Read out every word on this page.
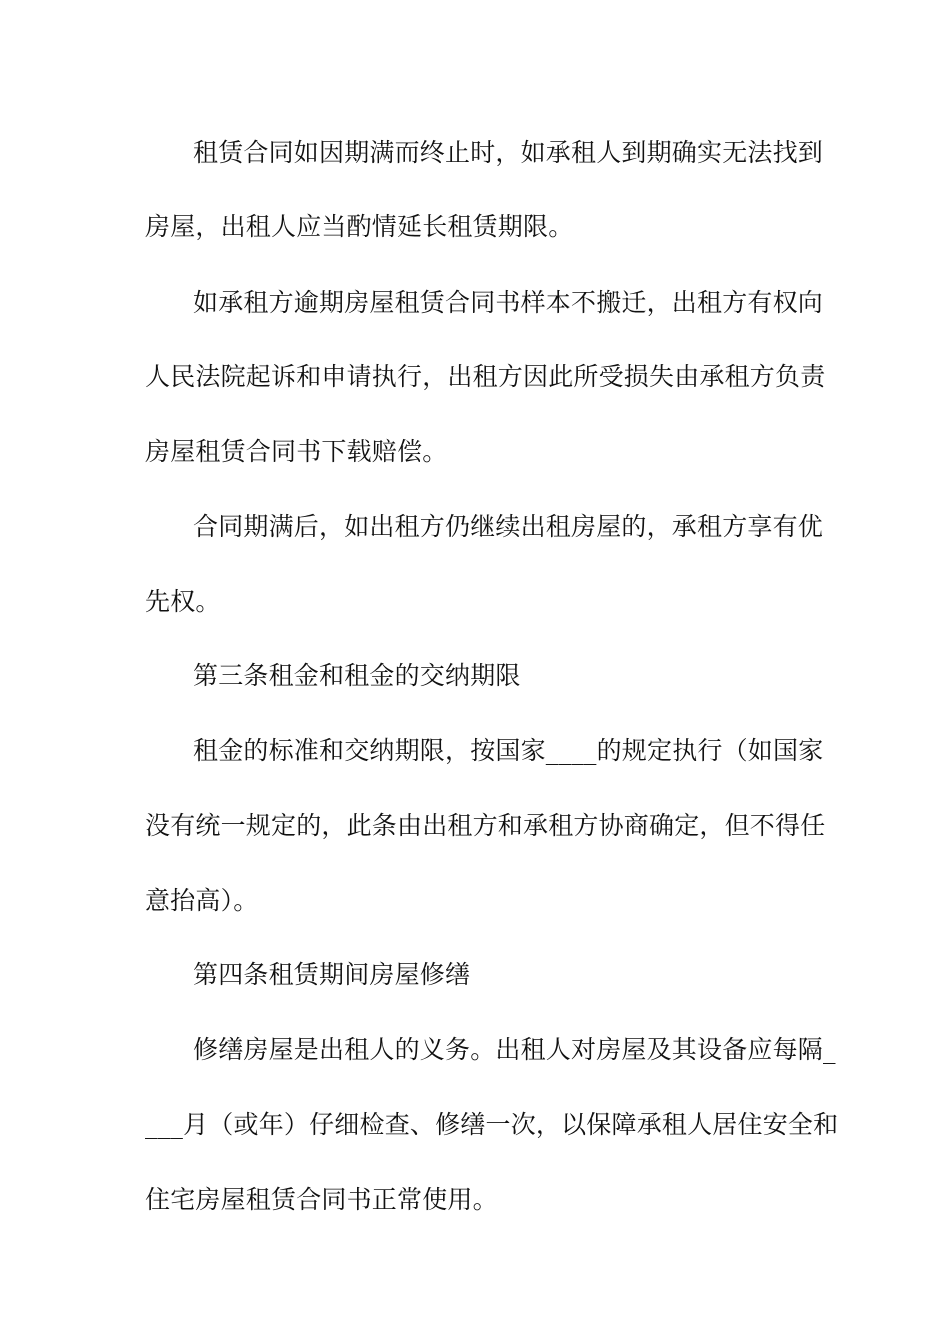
租赁合同如因期满而终止时，如承租人到期确实无法找到
房屋，出租人应当酌情延长租赁期限。
如承租方逾期房屋租赁合同书样本不搬迁，出租方有权向
人民法院起诉和申请执行，出租方因此所受损失由承租方负责
房屋租赁合同书下载赔偿。
合同期满后，如出租方仍继续出租房屋的，承租方享有优
先权。
第三条租金和租金的交纳期限
租金的标准和交纳期限，按国家____的规定执行（如国家
没有统一规定的，此条由出租方和承租方协商确定，但不得任
意抬高）。
第四条租赁期间房屋修缮
修缮房屋是出租人的义务。出租人对房屋及其设备应每隔_
___月（或年）仔细检查、修缮一次，以保障承租人居住安全和
住宅房屋租赁合同书正常使用。
